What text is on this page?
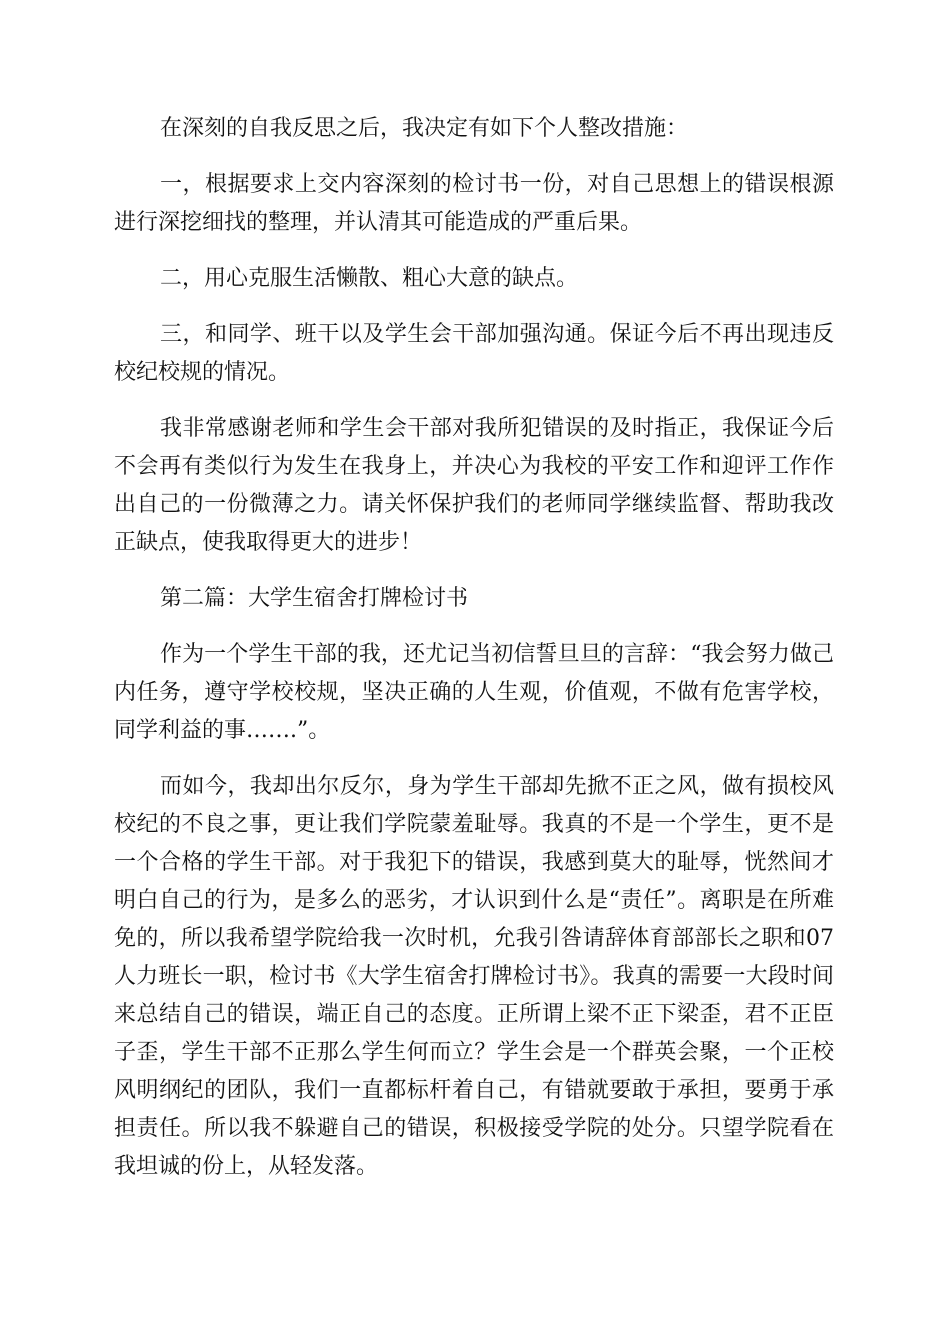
在深刻的自我反思之后，我决定有如下个人整改措施：

一，根据要求上交内容深刻的检讨书一份，对自己思想上的错误根源进行深挖细找的整理，并认清其可能造成的严重后果。

二，用心克服生活懒散、粗心大意的缺点。

三，和同学、班干以及学生会干部加强沟通。保证今后不再出现违反校纪校规的情况。

我非常感谢老师和学生会干部对我所犯错误的及时指正，我保证今后不会再有类似行为发生在我身上，并决心为我校的平安工作和迎评工作作出自己的一份微薄之力。请关怀保护我们的老师同学继续监督、帮助我改正缺点，使我取得更大的进步！

第二篇：大学生宿舍打牌检讨书

作为一个学生干部的我，还尤记当初信誓旦旦的言辞：“我会努力做己内任务，遵守学校校规，坚决正确的人生观，价值观，不做有危害学校，同学利益的事…….”。

而如今，我却出尔反尔，身为学生干部却先掀不正之风，做有损校风校纪的不良之事，更让我们学院蒙羞耻辱。我真的不是一个学生，更不是一个合格的学生干部。对于我犯下的错误，我感到莫大的耻辱，恍然间才明白自己的行为，是多么的恶劣，才认识到什么是“责任”。离职是在所难免的，所以我希望学院给我一次时机，允我引咎请辞体育部部长之职和07人力班长一职，检讨书《大学生宿舍打牌检讨书》。我真的需要一大段时间来总结自己的错误，端正自己的态度。正所谓上梁不正下梁歪，君不正臣子歪，学生干部不正那么学生何而立？学生会是一个群英会聚，一个正校风明纲纪的团队，我们一直都标杆着自己，有错就要敢于承担，要勇于承担责任。所以我不躲避自己的错误，积极接受学院的处分。只望学院看在我坦诚的份上，从轻发落。
